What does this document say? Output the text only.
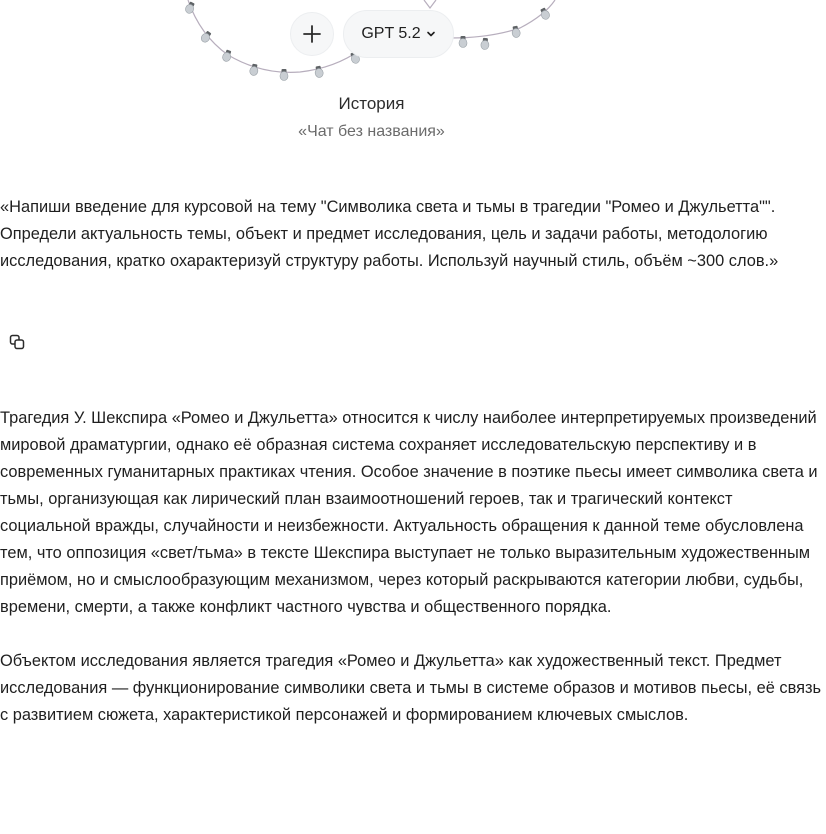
GPT 5.2
История
«Чат без названия»

«Напиши введение для курсовой на тему "Символика света и тьмы в трагедии "Ромео и Джульетта"". Определи актуальность темы, объект и предмет исследования, цель и задачи работы, методологию исследования, кратко охарактеризуй структуру работы. Используй научный стиль, объём ~300 слов.»

Трагедия У. Шекспира «Ромео и Джульетта» относится к числу наиболее интерпретируемых произведений мировой драматургии, однако её образная система сохраняет исследовательскую перспективу и в современных гуманитарных практиках чтения. Особое значение в поэтике пьесы имеет символика света и тьмы, организующая как лирический план взаимоотношений героев, так и трагический контекст социальной вражды, случайности и неизбежности. Актуальность обращения к данной теме обусловлена тем, что оппозиция «свет/тьма» в тексте Шекспира выступает не только выразительным художественным приёмом, но и смыслообразующим механизмом, через который раскрываются категории любви, судьбы, времени, смерти, а также конфликт частного чувства и общественного порядка.

Объектом исследования является трагедия «Ромео и Джульетта» как художественный текст. Предмет исследования — функционирование символики света и тьмы в системе образов и мотивов пьесы, её связь с развитием сюжета, характеристикой персонажей и формированием ключевых смыслов.
